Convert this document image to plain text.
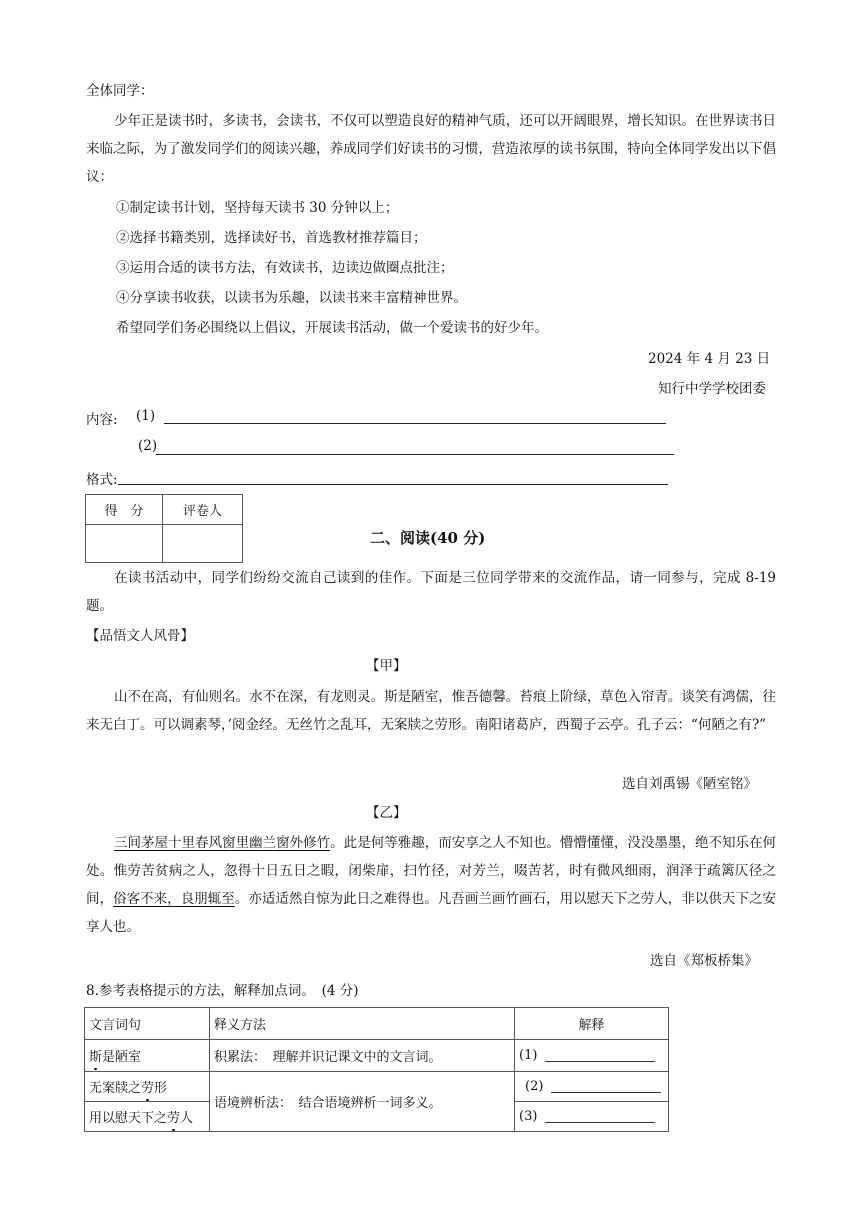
全体同学：
少年正是读书时，多读书，会读书，不仅可以塑造良好的精神气质，还可以开阔眼界，增长知识。在世界读书日来临之际，为了激发同学们的阅读兴趣，养成同学们好读书的习惯，营造浓厚的读书氛围，特向全体同学发出以下倡议：
①制定读书计划，坚持每天读书 30 分钟以上；
②选择书籍类别，选择读好书，首选教材推荐篇目；
③运用合适的读书方法，有效读书，边读边做圈点批注；
④分享读书收获，以读书为乐趣，以读书来丰富精神世界。
希望同学们务必围绕以上倡议，开展读书活动，做一个爱读书的好少年。
2024 年 4 月 23 日
知行中学学校团委
内容: (1)
(2)
格式:
得　分	评卷人

二、阅读(40 分)
在读书活动中，同学们纷纷交流自己读到的佳作。下面是三位同学带来的交流作品，请一同参与，完成 8-19 题。
【品悟文人风骨】
【甲】
山不在高，有仙则名。水不在深，有龙则灵。斯是陋室，惟吾德馨。苔痕上阶绿，草色入帘青。谈笑有鸿儒，往来无白丁。可以调素琴，’阅金经。无丝竹之乱耳，无案牍之劳形。南阳诸葛庐，西蜀子云亭。孔子云：“何陋之有?”
选自刘禹锡《陋室铭》
【乙】
三间茅屋十里春风窗里幽兰窗外修竹。此是何等雅趣，而安享之人不知也。懵懵懂懂，没没墨墨，绝不知乐在何处。惟劳苦贫病之人，忽得十日五日之暇，闭柴扉，扫竹径，对芳兰，啜苦茗，时有微风细雨，润泽于疏篱仄径之间，俗客不来，良朋辄至。亦适适然自惊为此日之难得也。凡吾画兰画竹画石，用以慰天下之劳人，非以供天下之安享人也。
选自《郑板桥集》
8.参考表格提示的方法，解释加点词。　(4 分)
文言词句	释义方法	解释
斯是陋室	积累法：　理解并识记课文中的文言词。	(1)
无案牍之劳形	语境辨析法：　结合语境辨析一词多义。	(2)
用以慰天下之劳人		(3)
